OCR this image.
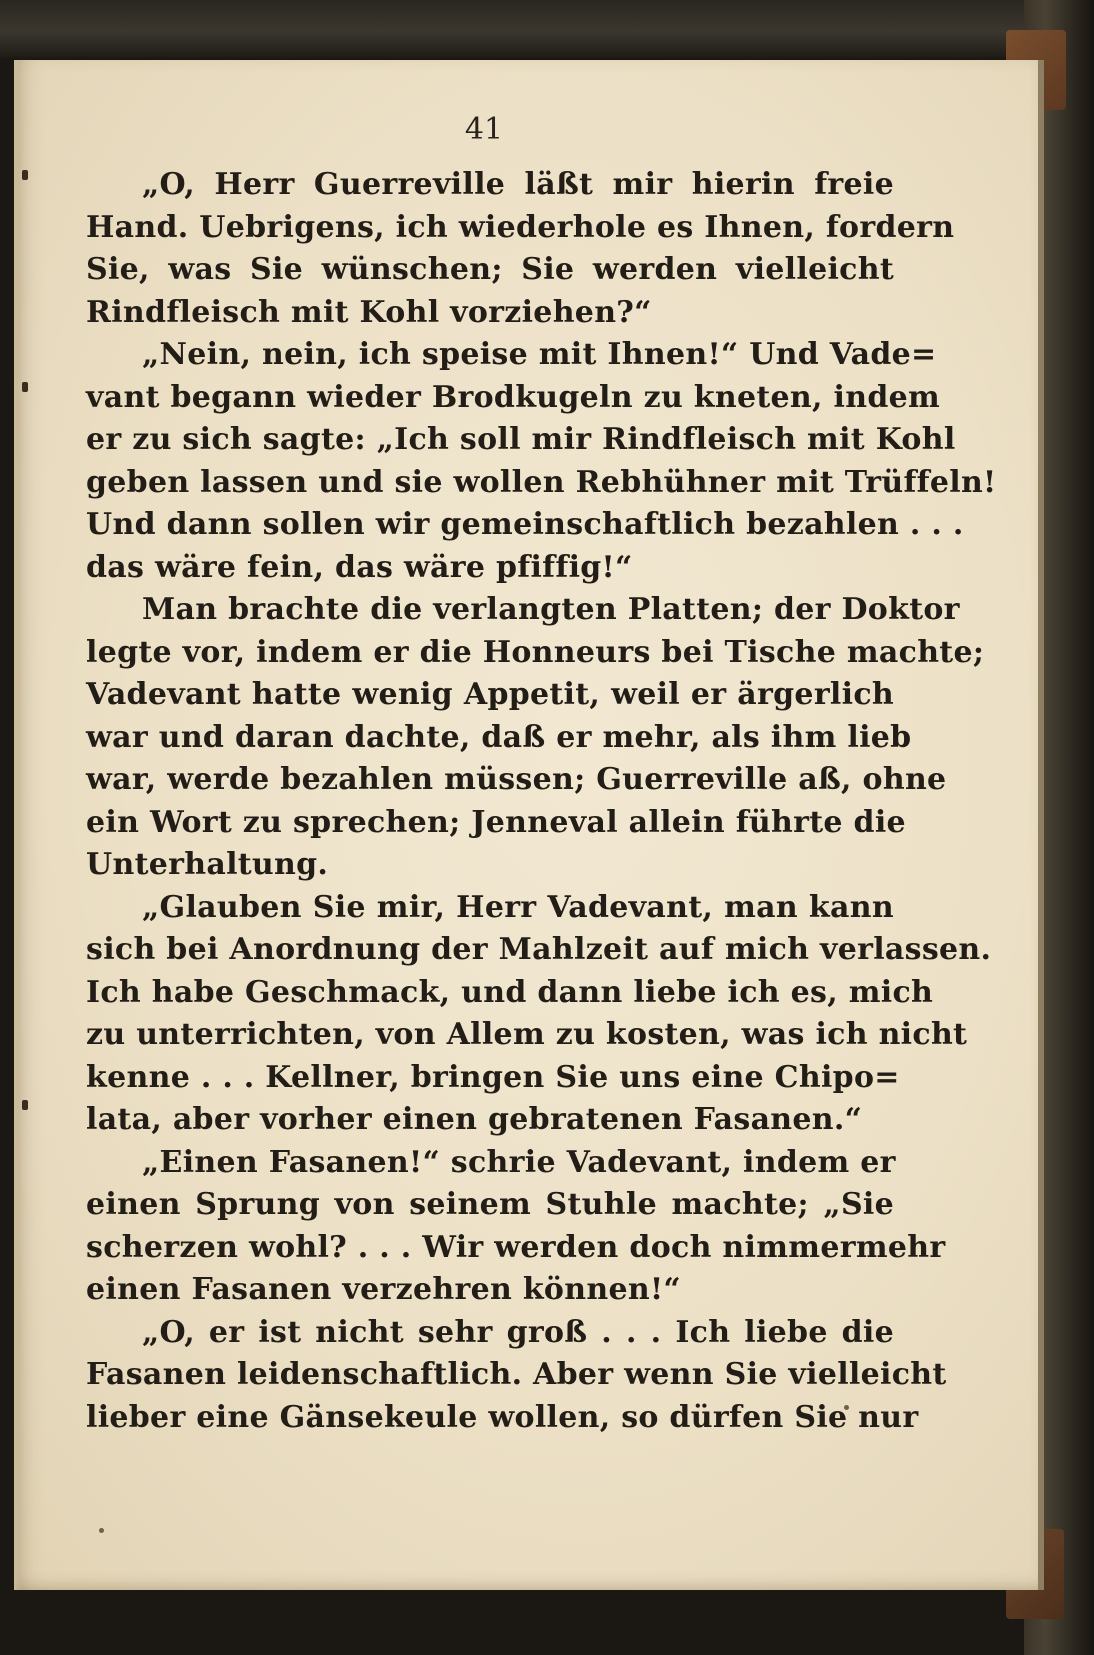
41

„O, Herr Guerreville läßt mir hierin freie
Hand. Uebrigens, ich wiederhole es Ihnen, fordern
Sie, was Sie wünschen; Sie werden vielleicht
Rindfleisch mit Kohl vorziehen?“
„Nein, nein, ich speise mit Ihnen!“ Und Vade=
vant begann wieder Brodkugeln zu kneten, indem
er zu sich sagte: „Ich soll mir Rindfleisch mit Kohl
geben lassen und sie wollen Rebhühner mit Trüffeln!
Und dann sollen wir gemeinschaftlich bezahlen . . .
das wäre fein, das wäre pfiffig!“
Man brachte die verlangten Platten; der Doktor
legte vor, indem er die Honneurs bei Tische machte;
Vadevant hatte wenig Appetit, weil er ärgerlich
war und daran dachte, daß er mehr, als ihm lieb
war, werde bezahlen müssen; Guerreville aß, ohne
ein Wort zu sprechen; Jenneval allein führte die
Unterhaltung.
„Glauben Sie mir, Herr Vadevant, man kann
sich bei Anordnung der Mahlzeit auf mich verlassen.
Ich habe Geschmack, und dann liebe ich es, mich
zu unterrichten, von Allem zu kosten, was ich nicht
kenne . . . Kellner, bringen Sie uns eine Chipo=
lata, aber vorher einen gebratenen Fasanen.“
„Einen Fasanen!“ schrie Vadevant, indem er
einen Sprung von seinem Stuhle machte; „Sie
scherzen wohl? . . . Wir werden doch nimmermehr
einen Fasanen verzehren können!“
„O, er ist nicht sehr groß . . . Ich liebe die
Fasanen leidenschaftlich. Aber wenn Sie vielleicht
lieber eine Gänsekeule wollen, so dürfen Sie nur
